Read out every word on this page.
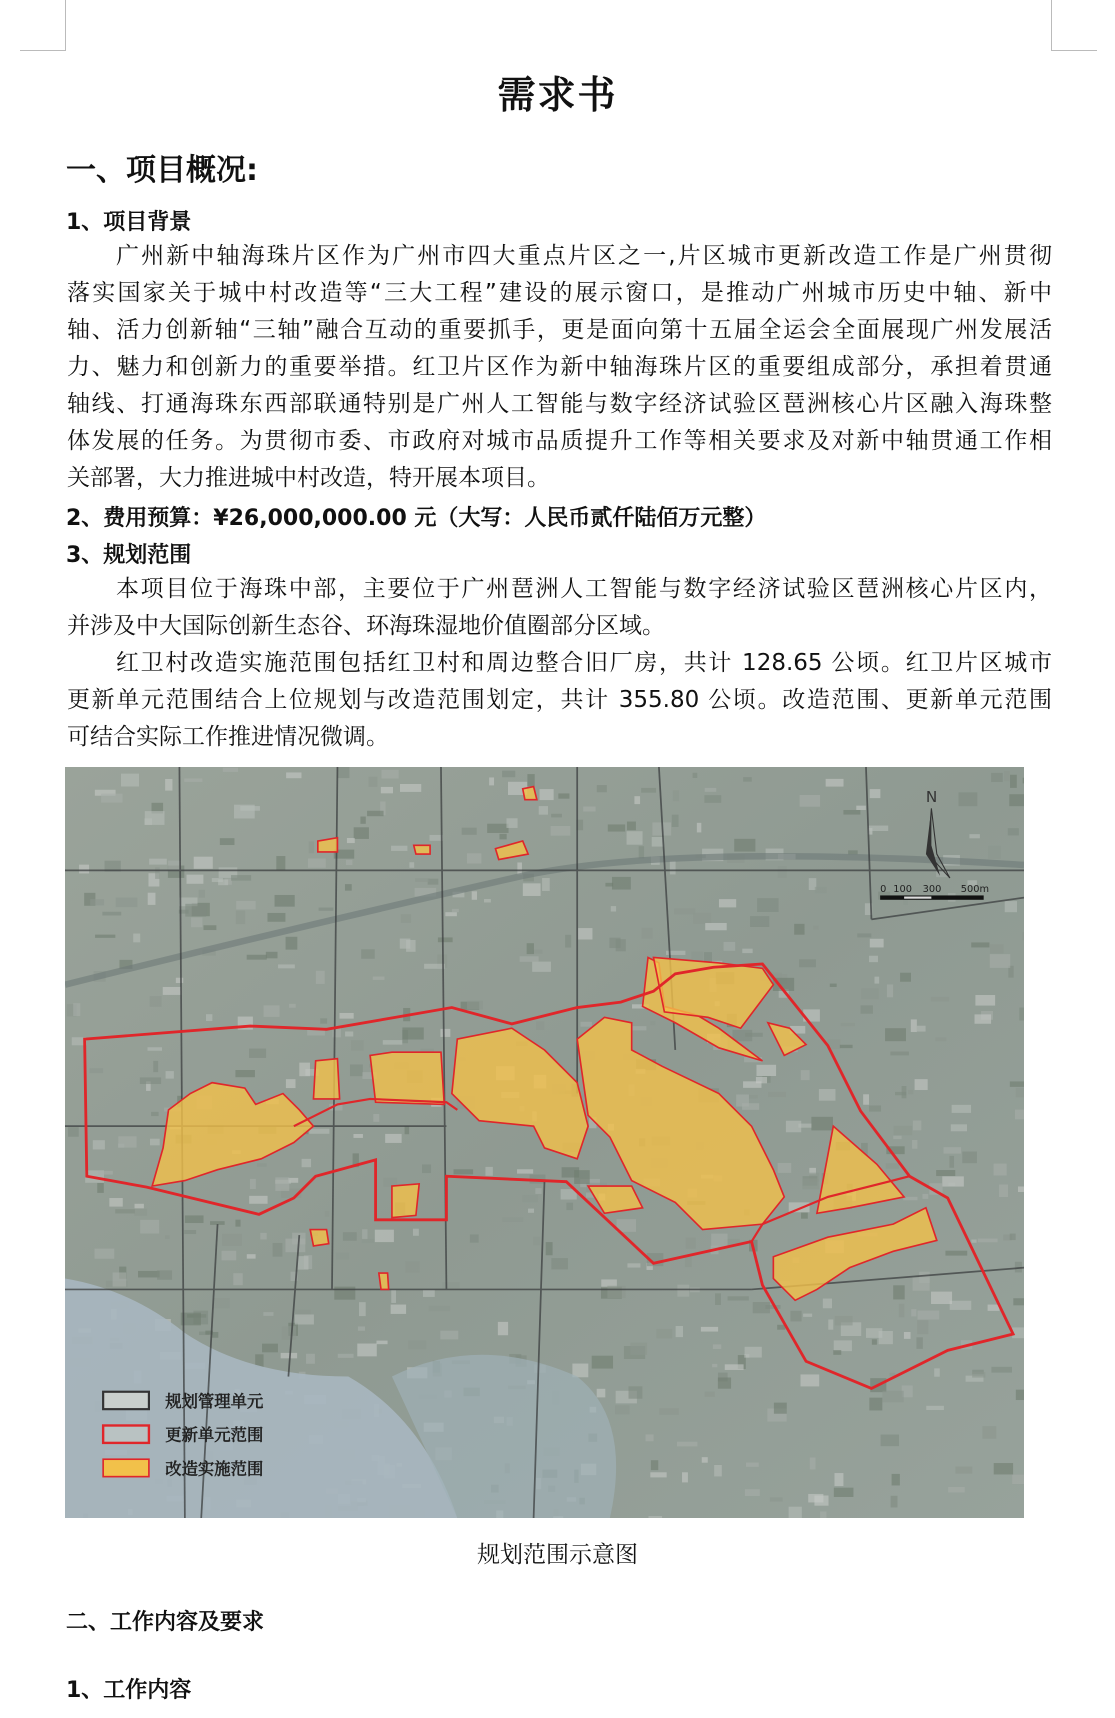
需求书
一、项目概况:
1、项目背景
广州新中轴海珠片区作为广州市四大重点片区之一,片区城市更新改造工作是广州贯彻
落实国家关于城中村改造等“三大工程”建设的展示窗口，是推动广州城市历史中轴、新中
轴、活力创新轴“三轴”融合互动的重要抓手，更是面向第十五届全运会全面展现广州发展活
力、魅力和创新力的重要举措。红卫片区作为新中轴海珠片区的重要组成部分，承担着贯通
轴线、打通海珠东西部联通特别是广州人工智能与数字经济试验区琶洲核心片区融入海珠整
体发展的任务。为贯彻市委、市政府对城市品质提升工作等相关要求及对新中轴贯通工作相
关部署，大力推进城中村改造，特开展本项目。
2、费用预算：¥26,000,000.00 元（大写：人民币贰仟陆佰万元整）
3、规划范围
本项目位于海珠中部，主要位于广州琶洲人工智能与数字经济试验区琶洲核心片区内，
并涉及中大国际创新生态谷、环海珠湿地价值圈部分区域。
红卫村改造实施范围包括红卫村和周边整合旧厂房，共计 128.65 公顷。红卫片区城市
更新单元范围结合上位规划与改造范围划定，共计 355.80 公顷。改造范围、更新单元范围
可结合实际工作推进情况微调。
N
0 100 300 500m
规划管理单元
更新单元范围
改造实施范围
规划范围示意图
二、工作内容及要求
1、工作内容
